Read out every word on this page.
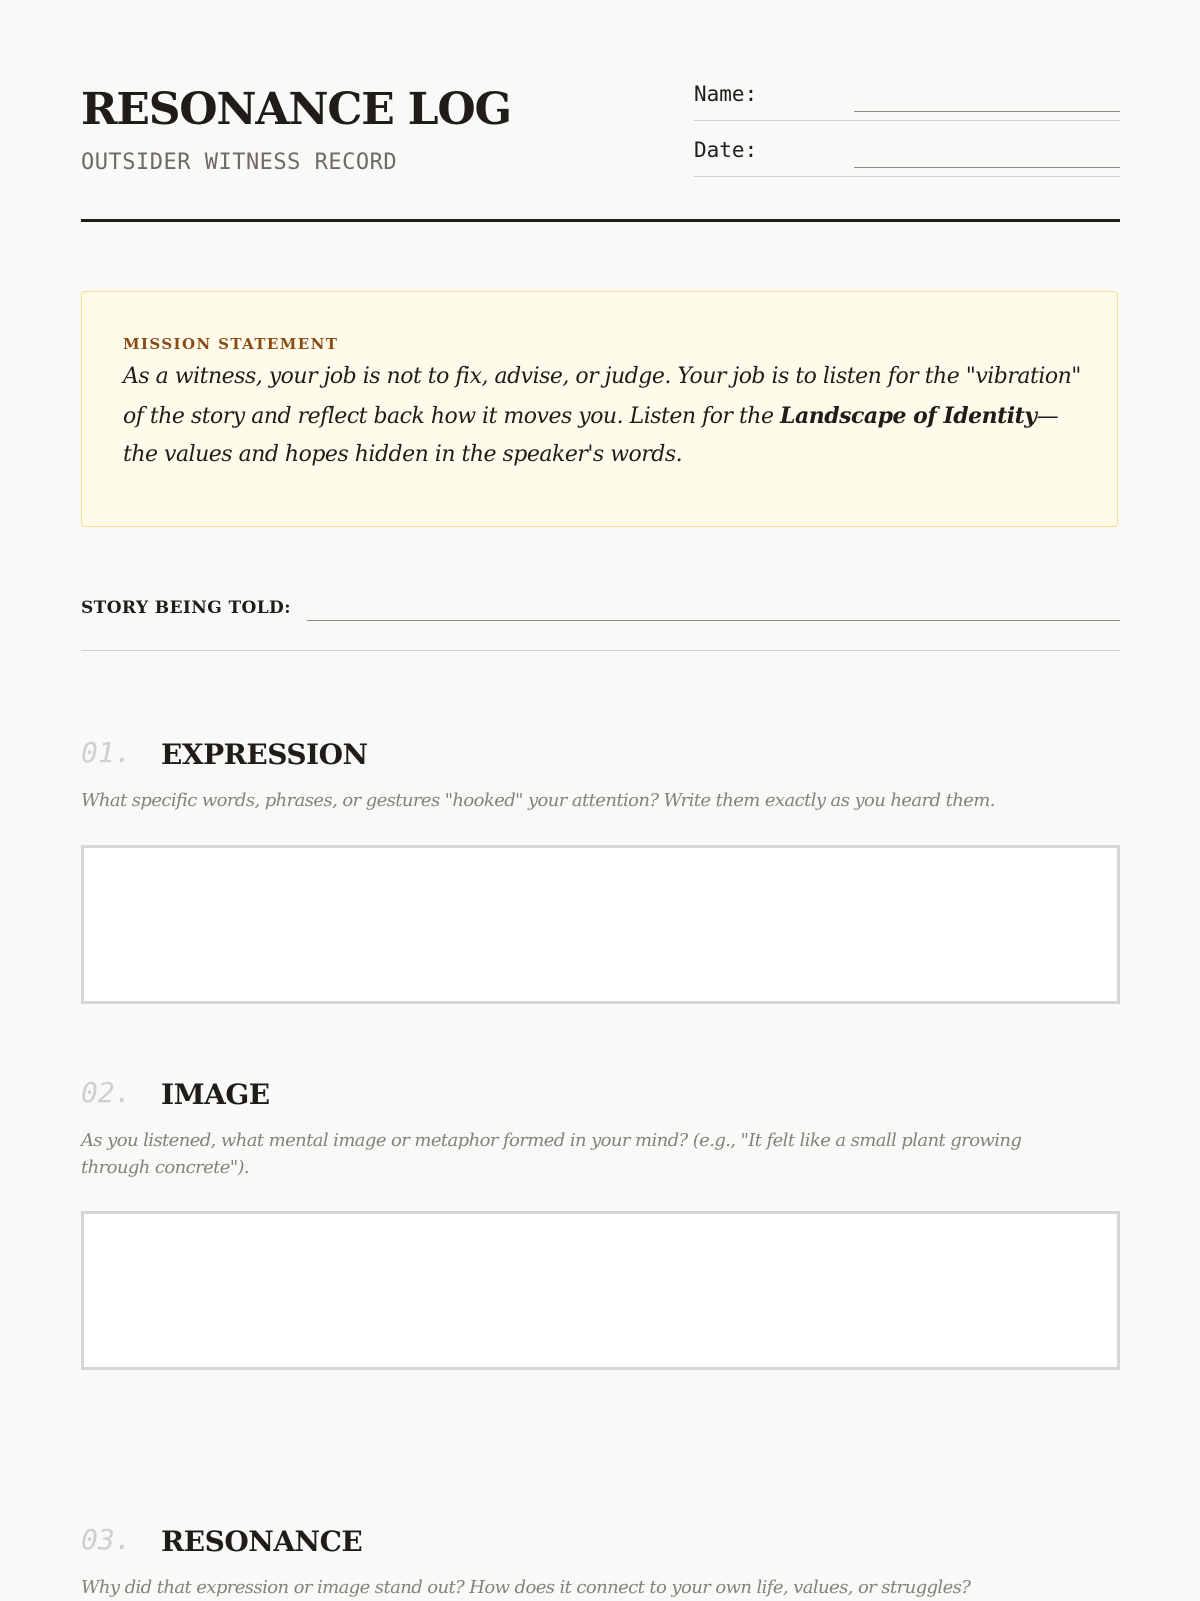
RESONANCE LOG
OUTSIDER WITNESS RECORD
Name:
Date:
MISSION STATEMENT
As a witness, your job is not to fix, advise, or judge. Your job is to listen for the "vibration" of the story and reflect back how it moves you. Listen for the Landscape of Identity—the values and hopes hidden in the speaker's words.
STORY BEING TOLD:
01. EXPRESSION
What specific words, phrases, or gestures "hooked" your attention? Write them exactly as you heard them.
02. IMAGE
As you listened, what mental image or metaphor formed in your mind? (e.g., "It felt like a small plant growing through concrete").
03. RESONANCE
Why did that expression or image stand out? How does it connect to your own life, values, or struggles?
